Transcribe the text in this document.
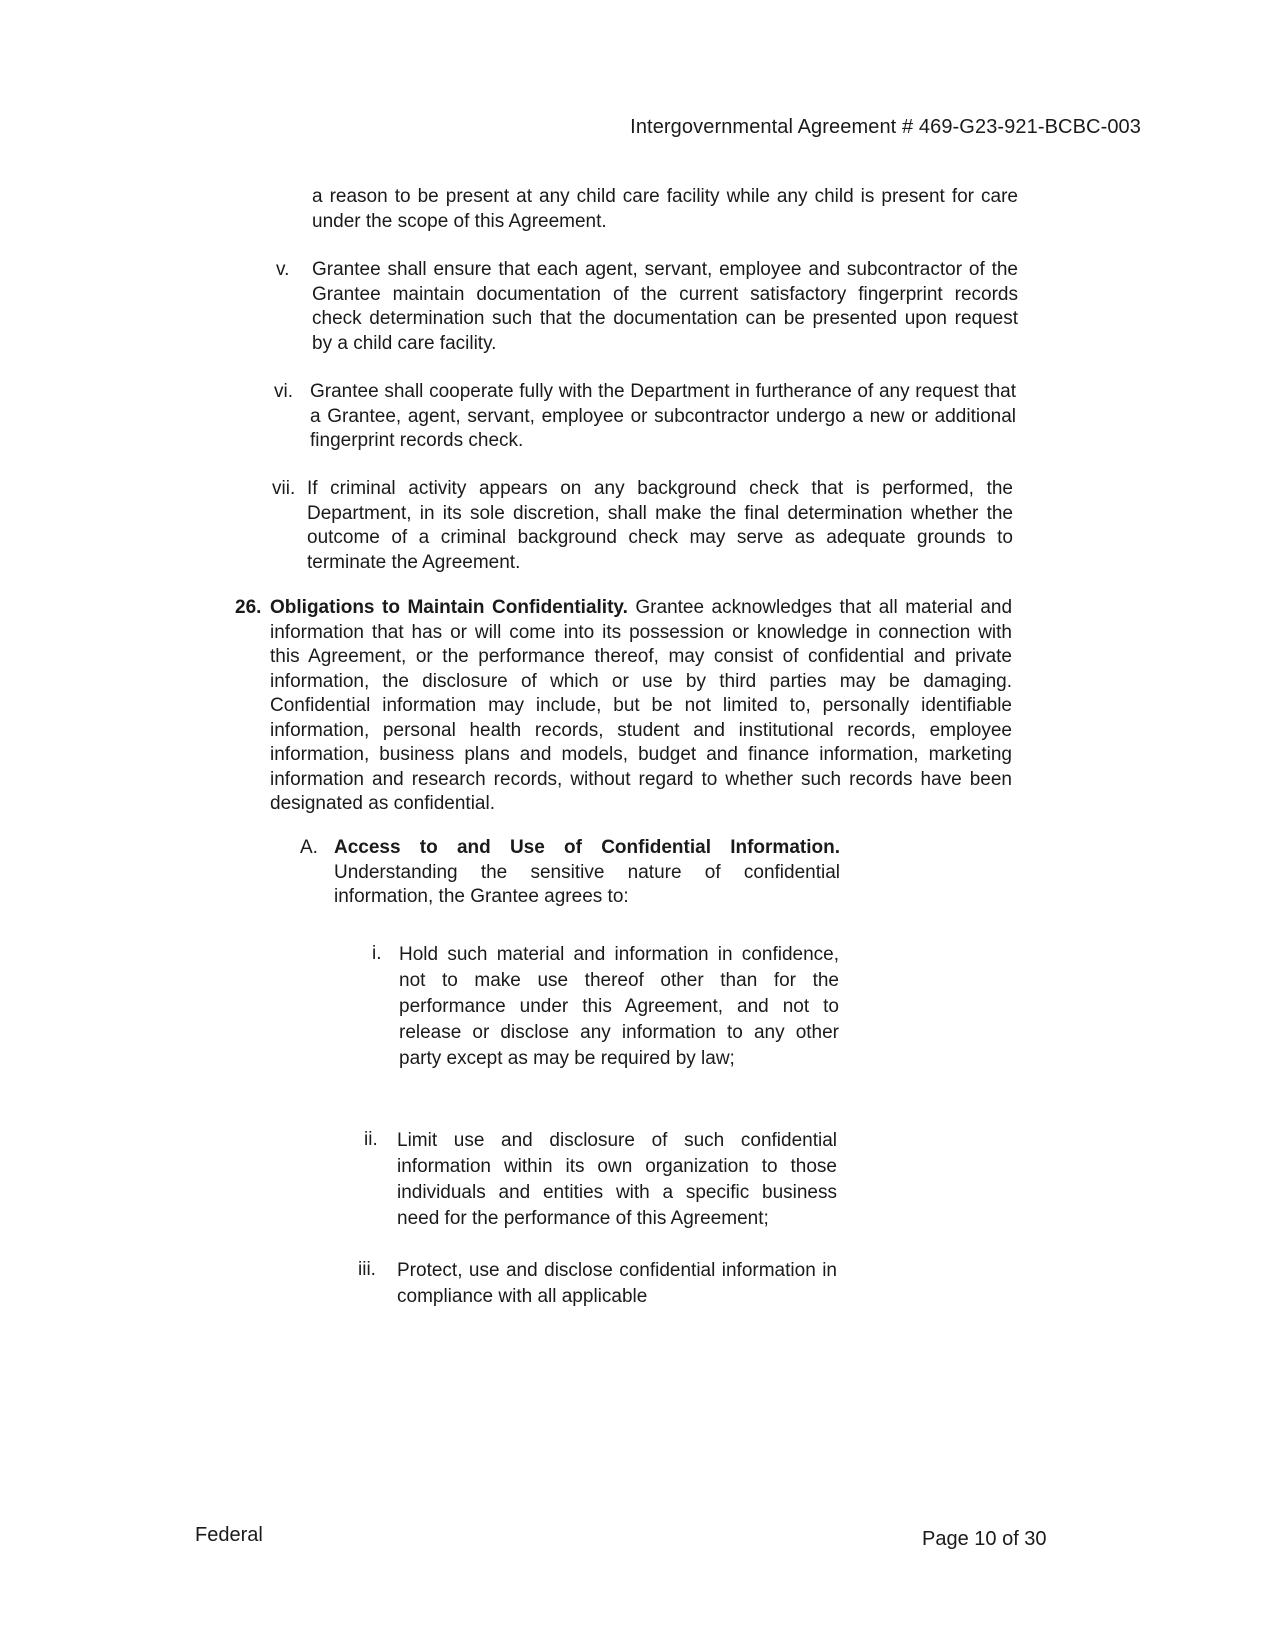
Intergovernmental Agreement # 469-G23-921-BCBC-003
a reason to be present at any child care facility while any child is present for care under the scope of this Agreement.
v. Grantee shall ensure that each agent, servant, employee and subcontractor of the Grantee maintain documentation of the current satisfactory fingerprint records check determination such that the documentation can be presented upon request by a child care facility.
vi. Grantee shall cooperate fully with the Department in furtherance of any request that a Grantee, agent, servant, employee or subcontractor undergo a new or additional fingerprint records check.
vii. If criminal activity appears on any background check that is performed, the Department, in its sole discretion, shall make the final determination whether the outcome of a criminal background check may serve as adequate grounds to terminate the Agreement.
26. Obligations to Maintain Confidentiality. Grantee acknowledges that all material and information that has or will come into its possession or knowledge in connection with this Agreement, or the performance thereof, may consist of confidential and private information, the disclosure of which or use by third parties may be damaging. Confidential information may include, but be not limited to, personally identifiable information, personal health records, student and institutional records, employee information, business plans and models, budget and finance information, marketing information and research records, without regard to whether such records have been designated as confidential.
A. Access to and Use of Confidential Information. Understanding the sensitive nature of confidential information, the Grantee agrees to:
i. Hold such material and information in confidence, not to make use thereof other than for the performance under this Agreement, and not to release or disclose any information to any other party except as may be required by law;
ii. Limit use and disclosure of such confidential information within its own organization to those individuals and entities with a specific business need for the performance of this Agreement;
iii. Protect, use and disclose confidential information in compliance with all applicable
Federal	Page 10 of 30
